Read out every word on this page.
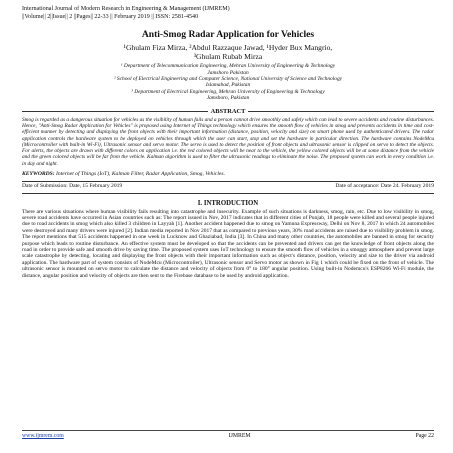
International Journal of Modern Research in Engineering & Management (IJMREM)
||Volume|| 2||Issue|| 2 ||Pages|| 22-33 || February 2019 || ISSN: 2581-4540
Anti-Smog Radar Application for Vehicles
¹Ghulam Fiza Mirza, ²Abdul Razzaque Jawad, ¹Hyder Bux Mangrio,
³Ghulam Rubab Mirza
¹ Department of Telecommunication Engineering, Mehran University of Engineering & Technology
Jamshoro Pakistan
² School of Electrical Engineering and Computer Science, National University of Science and Technology
Islamabad, Pakistan
³ Department of Electrical Engineering, Mehran University of Engineering & Technology
Jamshoro, Pakistan
ABSTRACT
Smog is regarded as a dangerous situation for vehicles as the visibility of human fails and a person cannot drive smoothly and safely which can lead to severe accidents and routine disturbances. Hence, "Anti-Smog Radar Application for Vehicles" is proposed using Internet of Things technology which ensures the smooth flow of vehicles in smog and prevents accidents in time and cost-efficient manner by detecting and displaying the front objects with their important information (distance, position, velocity and size) on smart phone used by authenticated drivers. The radar application controls the hardware system to be deployed on vehicles through which the user can start, stop and set the hardware in particular direction. The hardware contains NodeMcu (Microcontroller with built-in Wi-Fi), Ultrasonic sensor and servo motor. The servo is used to detect the position of front objects and ultrasonic sensor is clipped on servo to detect the objects. For alerts, the objects are drawn with different colors on application i.e. the red colored objects will be near to the vehicle, the yellow colored objects will be at some distance from the vehicle and the green colored objects will be far from the vehicle. Kalman algorithm is used to filter the ultrasonic readings to eliminate the noise. The proposed system can work in every condition i.e. in day and night.
KEYWORDS: Internet of Things (IoT), Kalman Filter, Radar Application, Smog, Vehicles.
Date of Submission: Date, 15 February 2019	Date of acceptance: Date 24. February 2019
I. INTRODUCTION
There are various situations where human visibility fails resulting into catastrophe and insecurity. Example of such situations is darkness, smog, rain, etc. Due to low visibility in smog, severe road accidents have occurred in Asian countries such as: The report issued in Nov, 2017 indicates that in different cities of Punjab, 18 people were killed and several people injured due to road accidents in smog which also killed 3 children in Layyah [1]. Another accident happened due to smog on Yamuna Expressway, Delhi on Nov 8, 2017 in which 24 automobiles were destroyed and many drivers were injured [2]. Indian media reported in Nov 2017 that as compared to previous years, 30% road accidents are raised due to visibility problem in smog. The report mentions that 515 accidents happened in one week in Lucknow and Ghaziabad, India [3]. In China and many other countries, the automobiles are banned in smog for security purpose which leads to routine disturbance. An effective system must be developed so that the accidents can be prevented and drivers can get the knowledge of front objects along the road in order to provide safe and smooth drive by saving time. The proposed system uses IoT technology to ensure the smooth flow of vehicles in a smoggy atmosphere and prevent large scale catastrophe by detecting, locating and displaying the front objects with their important information such as object's distance, position, velocity and size to the driver via android application. The hardware part of system consists of NodeMcu (Microcontroller), Ultrasonic sensor and Servo motor as shown in Fig 1 which could be fixed on the front of vehicle. The ultrasonic sensor is mounted on servo motor to calculate the distance and velocity of objects from 0° to 180° angular position. Using built-in Nodemcu's ESP8266 Wi-Fi module, the distance, angular position and velocity of objects are then sent to the Firebase database to be used by android application.
www.ijmrem.com	IJMREM	Page 22
